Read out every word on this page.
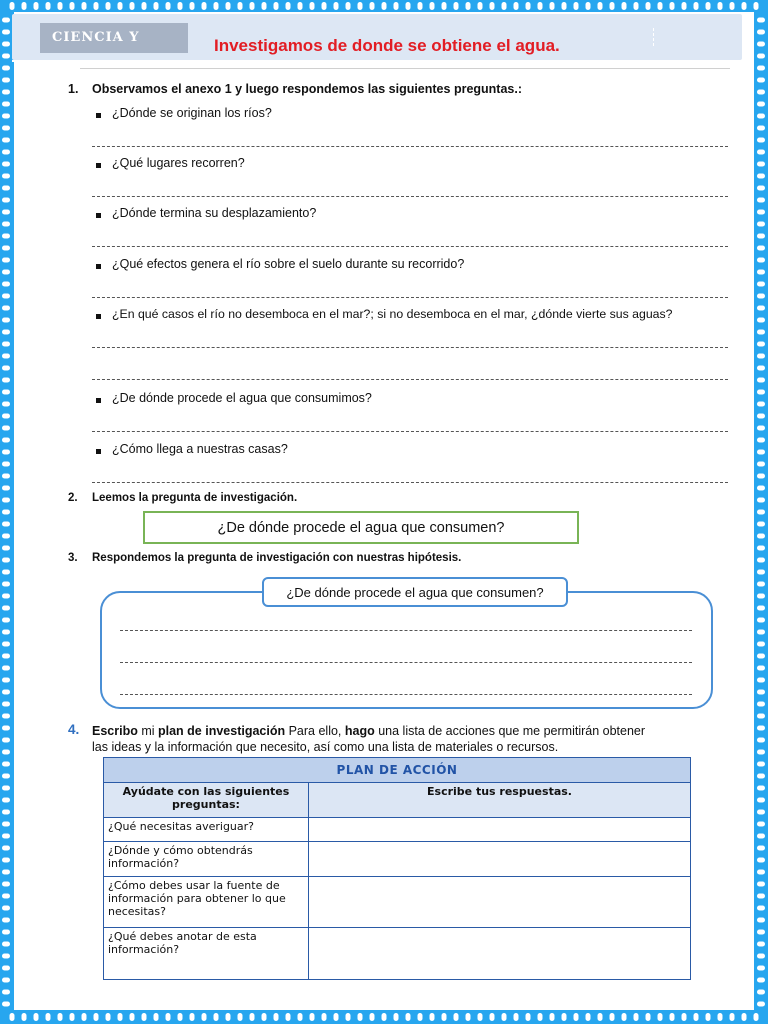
CIENCIA Y TEC..
Investigamos de donde se obtiene el agua.
1. Observamos el anexo 1 y luego respondemos las siguientes preguntas.:
¿Dónde se originan los ríos?
¿Qué lugares recorren?
¿Dónde termina su desplazamiento?
¿Qué efectos genera el río sobre el suelo durante su recorrido?
¿En qué casos el río no desemboca en el mar?; si no desemboca en el mar, ¿dónde vierte sus aguas?
¿De dónde procede el agua que consumimos?
¿Cómo llega a nuestras casas?
2. Leemos la pregunta de investigación.
¿De dónde procede el agua que consumen?
3. Respondemos la pregunta de investigación con nuestras hipótesis.
¿De dónde procede el agua que consumen?
4. Escribo mi plan de investigación Para ello, hago una lista de acciones que me permitirán obtener
las ideas y la información que necesito, así como una lista de materiales o recursos.
PLAN DE ACCIÓN	
Ayúdate con las siguientes preguntas:	Escribe tus respuestas.
¿Qué necesitas averiguar?	
¿Dónde y cómo obtendrás información?	
¿Cómo debes usar la fuente de información para obtener lo que necesitas?	
¿Qué debes anotar de esta información?	
